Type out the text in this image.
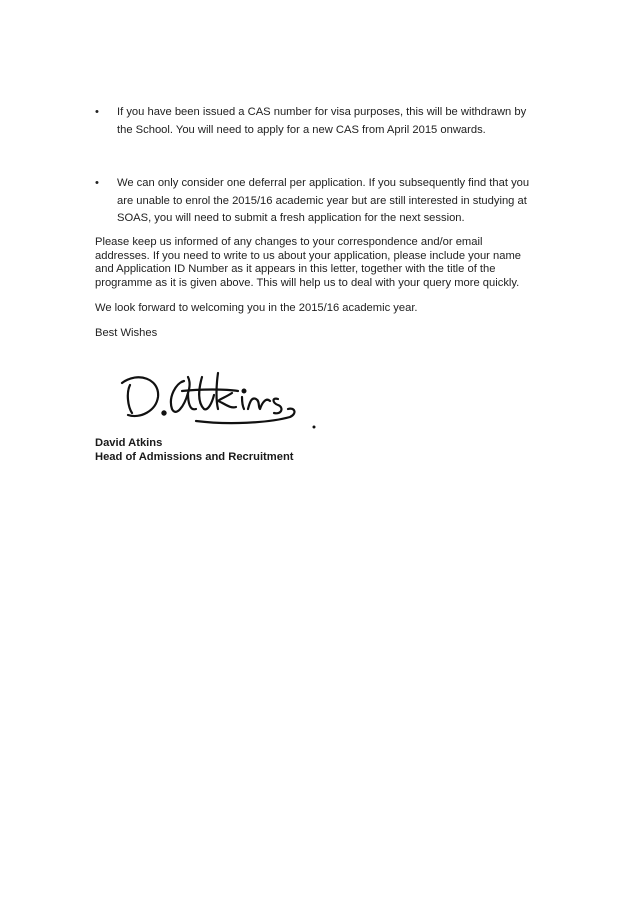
•	If you have been issued a CAS number for visa purposes, this will be withdrawn by the School. You will need to apply for a new CAS from April 2015 onwards.
•	We can only consider one deferral per application. If you subsequently find that you are unable to enrol the 2015/16 academic year but are still interested in studying at SOAS, you will need to submit a fresh application for the next session.

Please keep us informed of any changes to your correspondence and/or email addresses. If you need to write to us about your application, please include your name and Application ID Number as it appears in this letter, together with the title of the programme as it is given above. This will help us to deal with your query more quickly.

We look forward to welcoming you in the 2015/16 academic year.

Best Wishes

David Atkins
Head of Admissions and Recruitment
